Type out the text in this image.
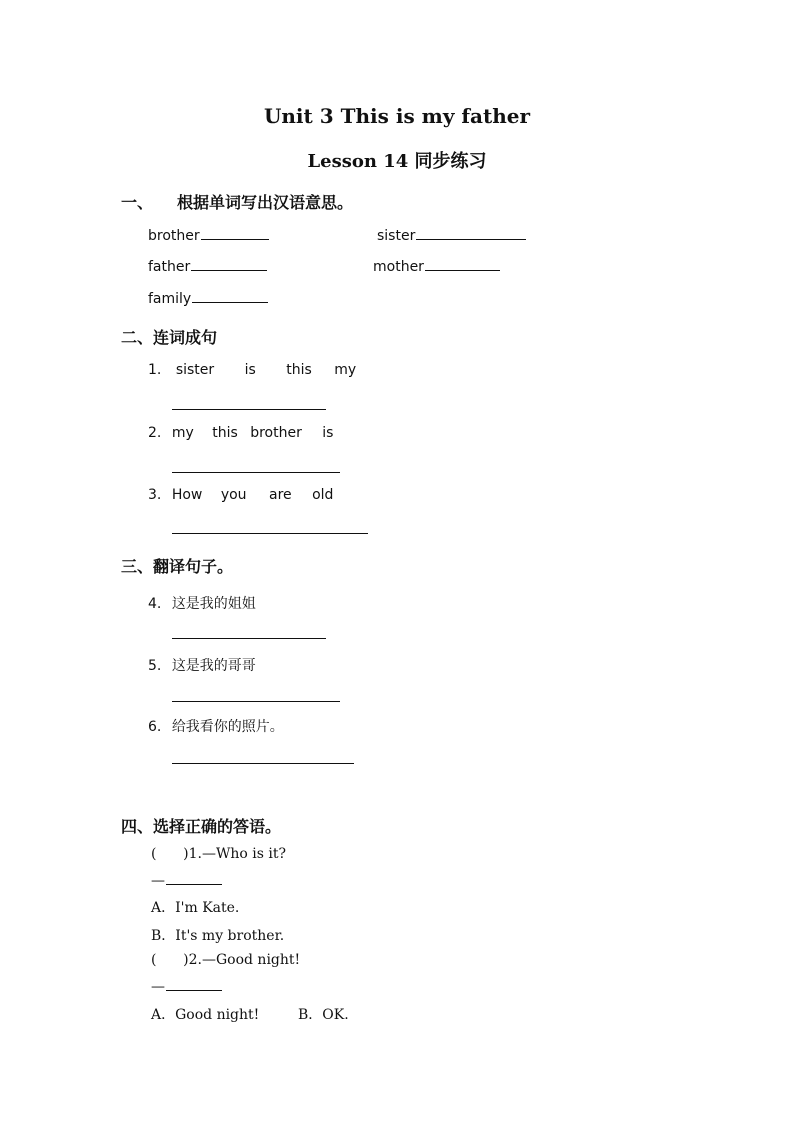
Unit 3 This is my father
Lesson 14 同步练习
一、 根据单词写出汉语意思。
brother	sister
father	mother
family
二、连词成句
1. sister is this my
2. my this brother is
3. How you are old
三、翻译句子。
4. 这是我的姐姐
5. 这是我的哥哥
6. 给我看你的照片。
四、选择正确的答语。
(      )1.—Who is it?
—
A．I'm Kate.
B．It's my brother.
(      )2.—Good night!
—
A．Good night!	B．OK.
